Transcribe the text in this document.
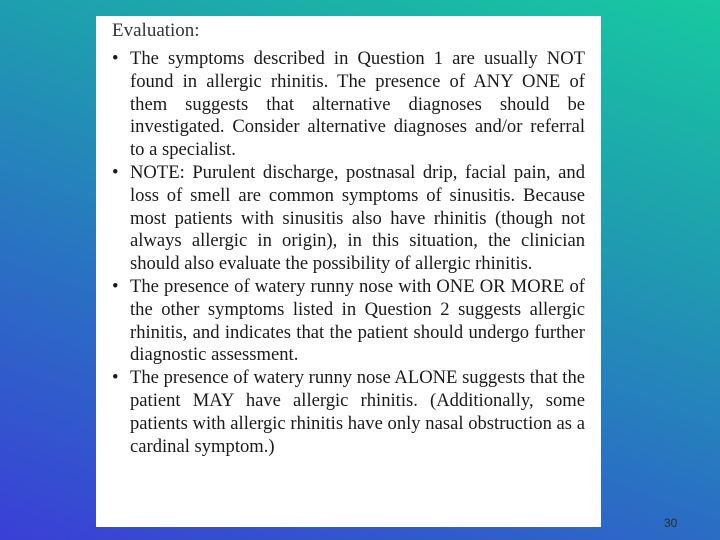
Evaluation:
• The symptoms described in Question 1 are usually NOT found in allergic rhinitis. The presence of ANY ONE of them suggests that alternative diagnoses should be investigated. Consider alternative diagnoses and/or referral to a specialist.
• NOTE: Purulent discharge, postnasal drip, facial pain, and loss of smell are common symptoms of sinusitis. Because most patients with sinusitis also have rhinitis (though not always allergic in origin), in this situation, the clinician should also evaluate the possibility of allergic rhinitis.
• The presence of watery runny nose with ONE OR MORE of the other symptoms listed in Question 2 suggests allergic rhinitis, and indicates that the patient should undergo further diagnostic assessment.
• The presence of watery runny nose ALONE suggests that the patient MAY have allergic rhinitis. (Additionally, some patients with allergic rhinitis have only nasal obstruction as a cardinal symptom.)
30
